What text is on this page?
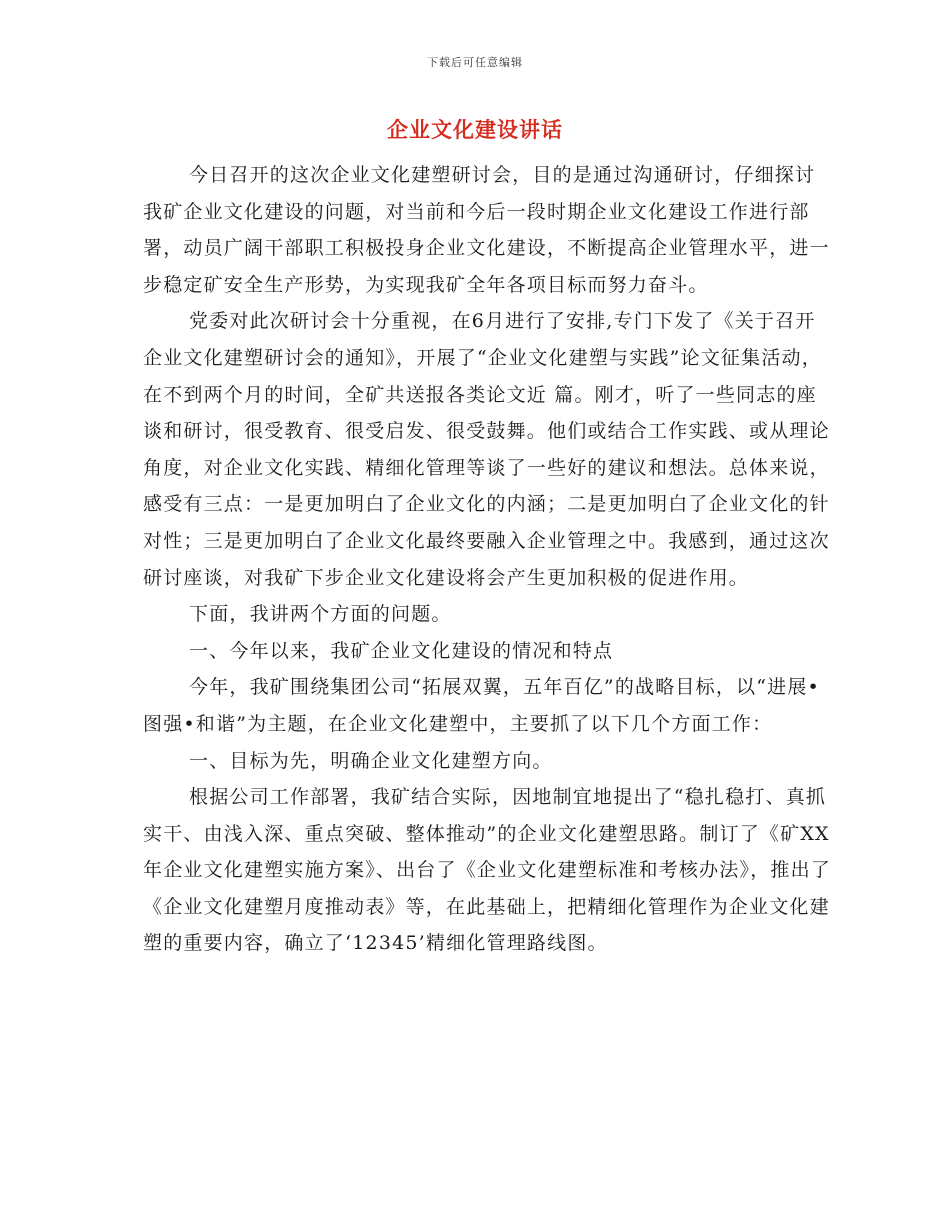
下载后可任意编辑
企业文化建设讲话

今日召开的这次企业文化建塑研讨会，目的是通过沟通研讨，仔细探讨我矿企业文化建设的问题，对当前和今后一段时期企业文化建设工作进行部署，动员广阔干部职工积极投身企业文化建设，不断提高企业管理水平，进一步稳定矿安全生产形势，为实现我矿全年各项目标而努力奋斗。

党委对此次研讨会十分重视，在6月进行了安排,专门下发了《关于召开企业文化建塑研讨会的通知》，开展了“企业文化建塑与实践”论文征集活动，在不到两个月的时间，全矿共送报各类论文近 篇。刚才，听了一些同志的座谈和研讨，很受教育、很受启发、很受鼓舞。他们或结合工作实践、或从理论角度，对企业文化实践、精细化管理等谈了一些好的建议和想法。总体来说，感受有三点：一是更加明白了企业文化的内涵；二是更加明白了企业文化的针对性；三是更加明白了企业文化最终要融入企业管理之中。我感到，通过这次研讨座谈，对我矿下步企业文化建设将会产生更加积极的促进作用。

下面，我讲两个方面的问题。

一、今年以来，我矿企业文化建设的情况和特点

今年，我矿围绕集团公司“拓展双翼，五年百亿”的战略目标，以“进展•图强•和谐”为主题，在企业文化建塑中，主要抓了以下几个方面工作：

一、目标为先，明确企业文化建塑方向。

根据公司工作部署，我矿结合实际，因地制宜地提出了“稳扎稳打、真抓实干、由浅入深、重点突破、整体推动”的企业文化建塑思路。制订了《矿XX年企业文化建塑实施方案》、出台了《企业文化建塑标准和考核办法》，推出了《企业文化建塑月度推动表》等，在此基础上，把精细化管理作为企业文化建塑的重要内容，确立了‘12345’精细化管理路线图。
